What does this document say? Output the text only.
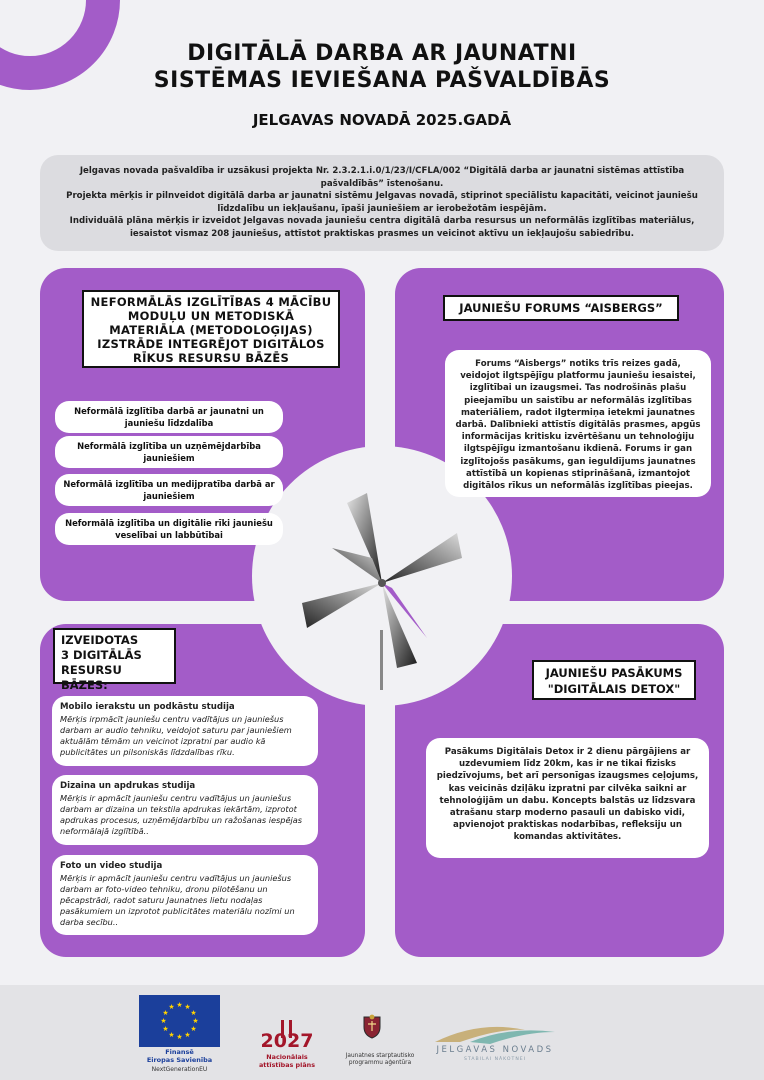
DIGITĀLĀ DARBA AR JAUNATNI
SISTĒMAS IEVIEŠANA PAŠVALDĪBĀS
JELGAVAS NOVADĀ 2025.GADĀ
Jelgavas novada pašvaldība ir uzsākusi projekta Nr. 2.3.2.1.i.0/1/23/I/CFLA/002 “Digitālā darba ar jaunatni sistēmas attīstība pašvaldībās” īstenošanu.
Projekta mērķis ir pilnveidot digitālā darba ar jaunatni sistēmu Jelgavas novadā, stiprinot speciālistu kapacitāti, veicinot jauniešu līdzdalību un iekļaušanu, īpaši jauniešiem ar ierobežotām iespējām.
Individuālā plāna mērķis ir izveidot Jelgavas novada jauniešu centra digitālā darba resursus un neformālās izglītības materiālus, iesaistot vismaz 208 jauniešus, attīstot praktiskas prasmes un veicinot aktīvu un iekļaujošu sabiedrību.
NEFORMĀLĀS IZGLĪTĪBAS 4 MĀCĪBU MODUĻU UN METODISKĀ MATERIĀLA (METODOLOĢIJAS) IZSTRĀDE INTEGRĒJOT DIGITĀLOS RĪKUS RESURSU BĀZĒS
Neformālā izglītība darbā ar jaunatni un jauniešu līdzdalība
Neformālā izglītība un uzņēmējdarbība jauniešiem
Neformālā izglītība un medijpratība darbā ar jauniešiem
Neformālā izglītība un digitālie rīki jauniešu veselībai un labbūtībai
JAUNIEŠU FORUMS “AISBERGS”
Forums “Aisbergs” notiks trīs reizes gadā, veidojot ilgtspējīgu platformu jauniešu iesaistei, izglītībai un izaugsmei. Tas nodrošinās plašu pieejamību un saistību ar neformālās izglītības materiāliem, radot ilgtermiņa ietekmi jaunatnes darbā. Dalībnieki attīstīs digitālās prasmes, apgūs informācijas kritisku izvērtēšanu un tehnoloģiju ilgtspējīgu izmantošanu ikdienā. Forums ir gan izglītojošs pasākums, gan ieguldījums jaunatnes attīstībā un kopienas stiprināšanā, izmantojot digitālos rīkus un neformālās izglītības pieejas.
IZVEIDOTAS
3 DIGITĀLĀS
RESURSU BĀZES:
Mobilo ierakstu un podkāstu studija
Mērķis irpmācīt jauniešu centru vadītājus un jauniešus darbam ar audio tehniku, veidojot saturu par jauniešiem aktuālām tēmām un veicinot izpratni par audio kā publicitātes un pilsoniskās līdzdalības rīku.
Dizaina un apdrukas studija
Mērķis ir apmācīt jauniešu centru vadītājus un jauniešus darbam ar dizaina un tekstila apdrukas iekārtām, izprotot apdrukas procesus, uzņēmējdarbību un ražošanas iespējas neformālajā izglītībā..
Foto un video studija
Mērķis ir apmācīt jauniešu centru vadītājus un jauniešus darbam ar foto-video tehniku, dronu pilotēšanu un pēcapstrādi, radot saturu Jaunatnes lietu nodaļas pasākumiem un izprotot publicitātes materiālu nozīmi un darba secību..
JAUNIEŠU PASĀKUMS
"DIGITĀLAIS DETOX"
Pasākums Digitālais Detox ir 2 dienu pārgājiens ar uzdevumiem līdz 20km, kas ir ne tikai fizisks piedzīvojums, bet arī personīgas izaugsmes ceļojums, kas veicinās dziļāku izpratni par cilvēka saikni ar tehnoloģijām un dabu. Koncepts balstās uz līdzsvara atrašanu starp moderno pasauli un dabisko vidi, apvienojot praktiskas nodarbības, refleksiju un komandas aktivitātes.
★ ★
★
★
★
★
★
★
★
★
★
★
Finansē
Eiropas Savienība
NextGenerationEU
2027
Nacionālais
attīstības plāns
Jaunatnes starptautisko
programmu aģentūra
JELGAVAS NOVADS
STABILAI NĀKOTNEI
